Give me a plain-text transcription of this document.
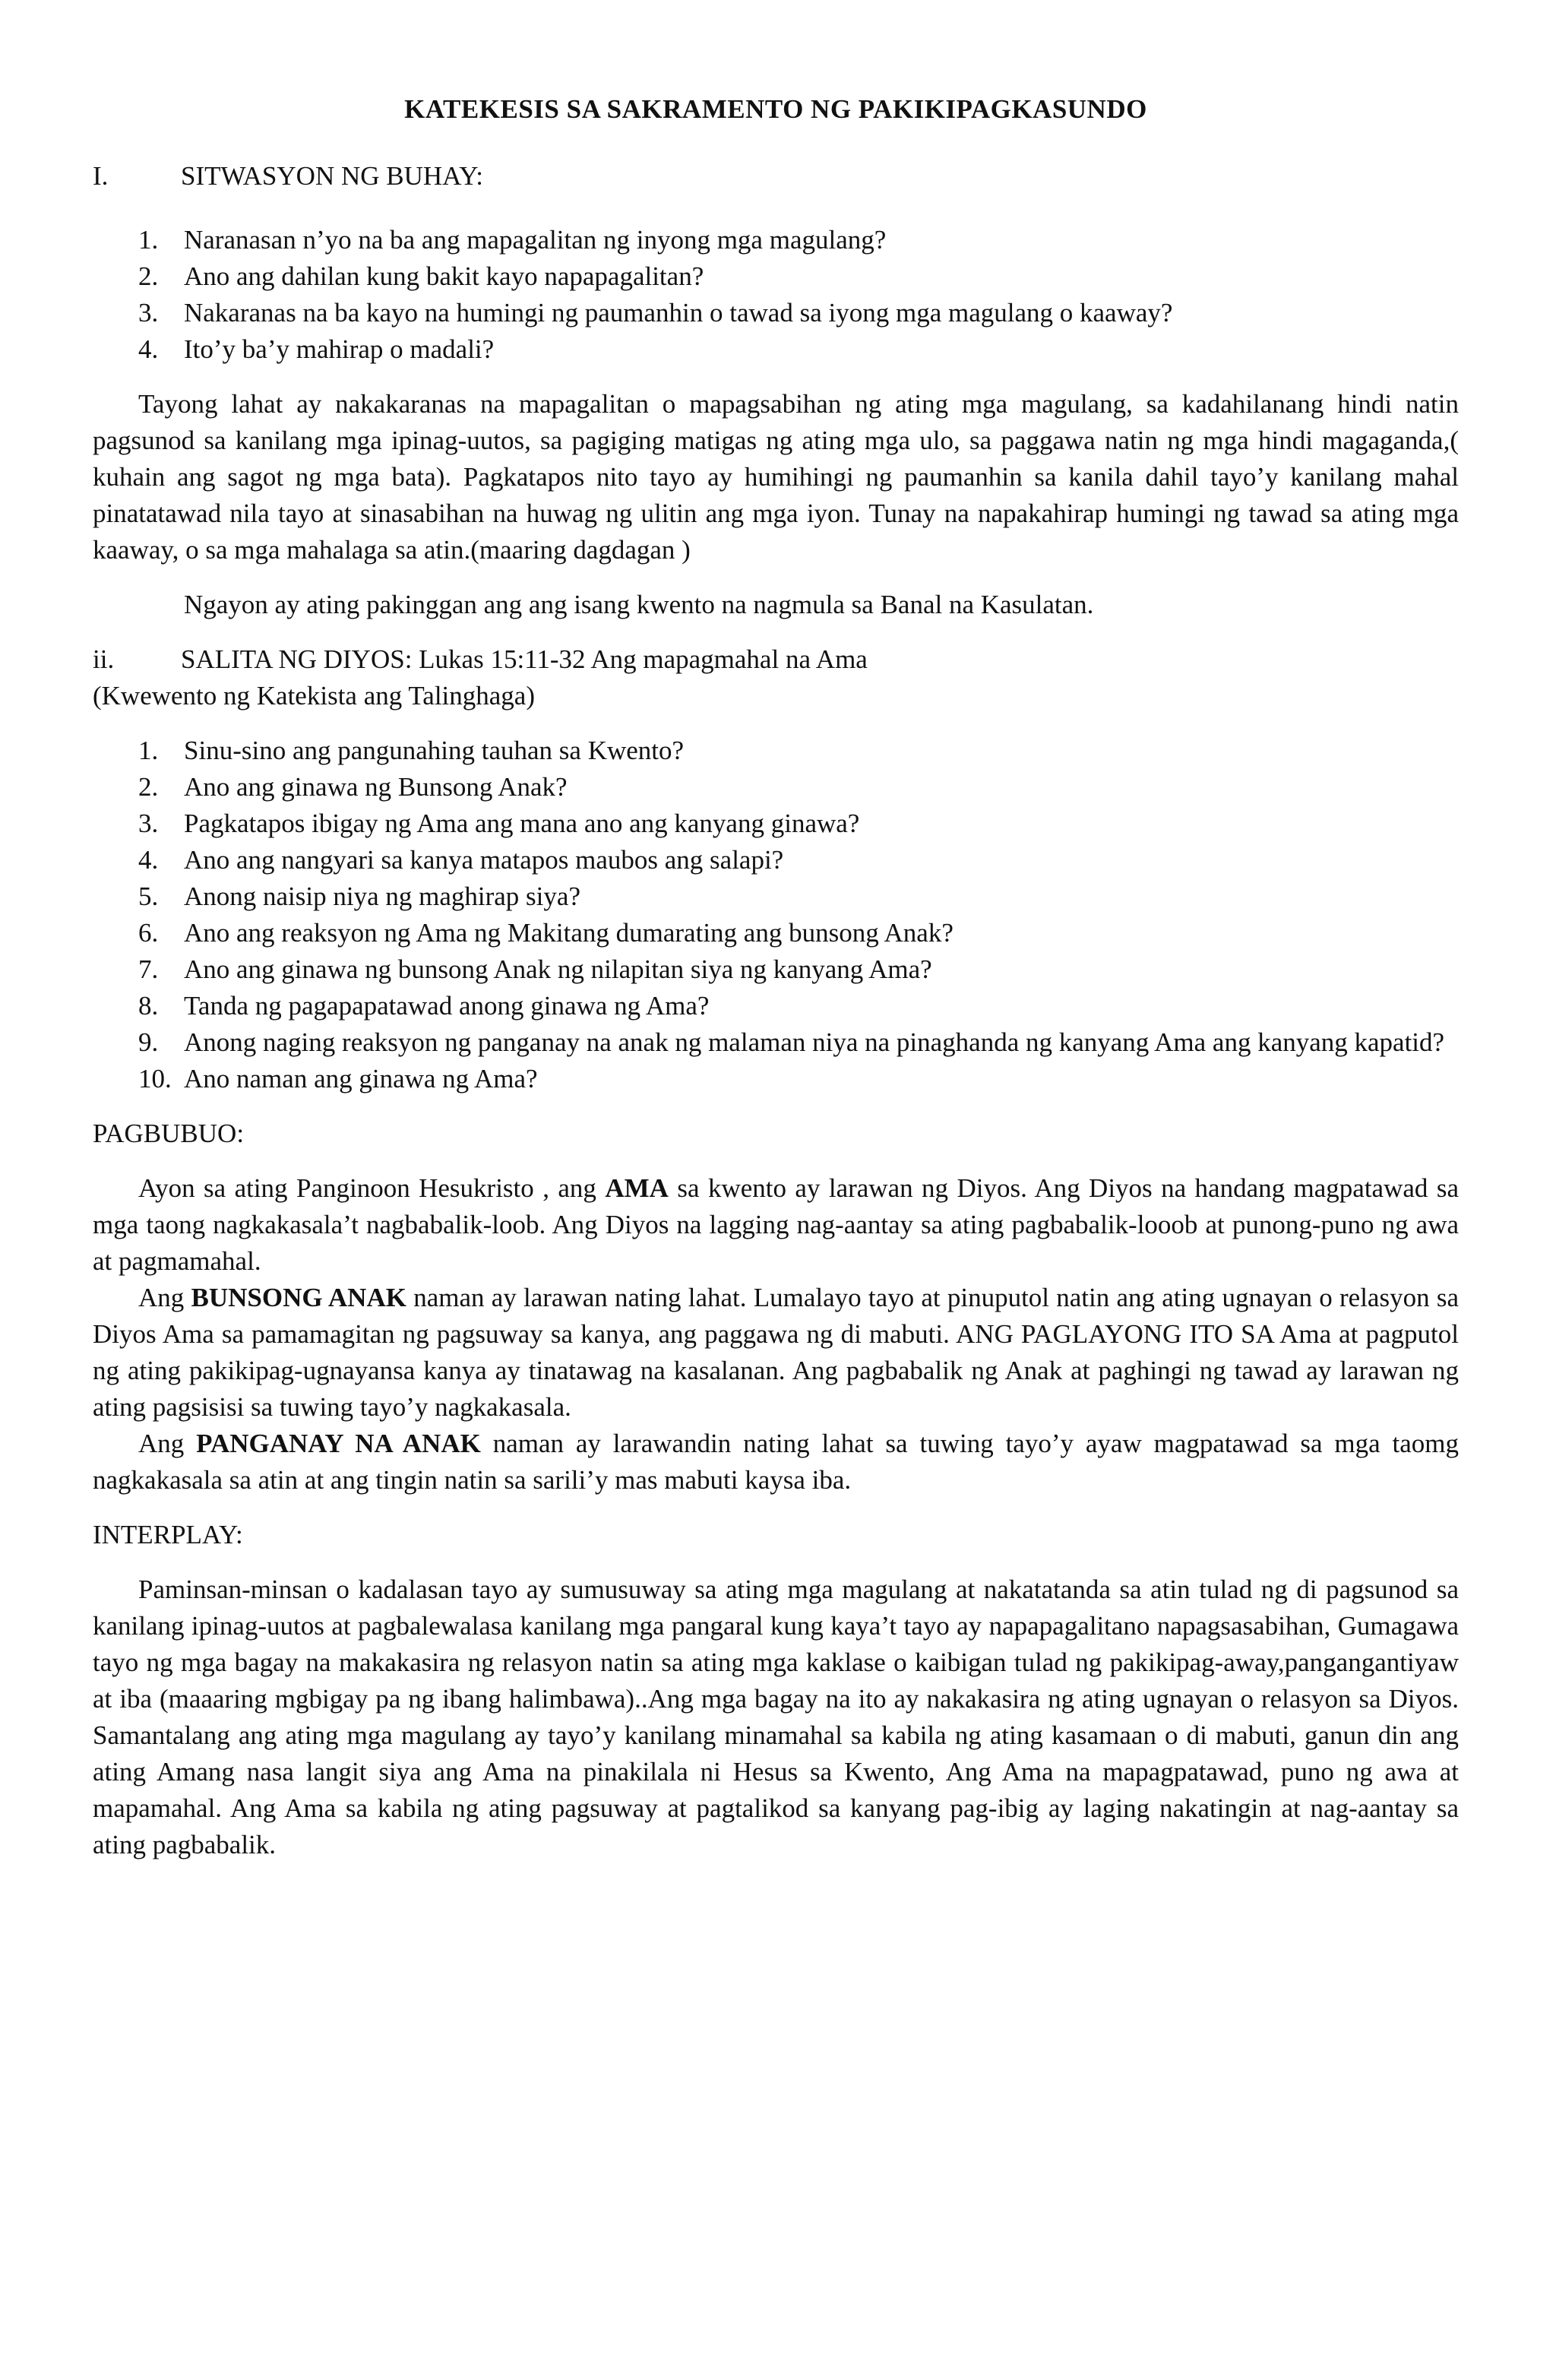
KATEKESIS SA SAKRAMENTO NG PAKIKIPAGKASUNDO
I.	SITWASYON NG BUHAY:
1. Naranasan n’yo na ba ang mapagalitan ng inyong mga magulang?
2. Ano ang dahilan kung bakit kayo napapagalitan?
3. Nakaranas na ba kayo na humingi ng paumanhin o tawad sa iyong mga magulang o kaaway?
4. Ito’y ba’y mahirap o madali?

Tayong lahat ay nakakaranas na mapagalitan o mapagsabihan ng ating mga magulang, sa kadahilanang hindi natin pagsunod sa kanilang mga ipinag-uutos, sa pagiging matigas ng ating mga ulo, sa paggawa natin ng mga hindi magaganda,( kuhain ang sagot ng mga bata). Pagkatapos nito tayo ay humihingi ng paumanhin sa kanila dahil tayo’y kanilang mahal pinatatawad nila tayo at sinasabihan na huwag ng ulitin ang mga iyon. Tunay na napakahirap humingi ng tawad sa ating mga kaaway, o sa mga mahalaga sa atin.(maaring dagdagan )

Ngayon ay ating pakinggan ang ang isang kwento na nagmula sa Banal na Kasulatan.

ii.	SALITA NG DIYOS: Lukas 15:11-32 Ang mapagmahal na Ama

(Kwewento ng Katekista ang Talinghaga)

1. Sinu-sino ang pangunahing tauhan sa Kwento?
2. Ano ang ginawa ng Bunsong Anak?
3. Pagkatapos ibigay ng Ama ang mana ano ang kanyang ginawa?
4. Ano ang nangyari sa kanya matapos maubos ang salapi?
5. Anong naisip niya ng maghirap siya?
6. Ano ang reaksyon ng Ama ng Makitang dumarating ang bunsong Anak?
7. Ano ang ginawa ng bunsong Anak ng nilapitan siya ng kanyang Ama?
8. Tanda ng pagapapatawad anong ginawa ng Ama?
9. Anong naging reaksyon ng panganay na anak ng malaman niya na pinaghanda ng kanyang Ama ang kanyang kapatid?
10. Ano naman ang ginawa ng Ama?

PAGBUBUO:

Ayon sa ating Panginoon Hesukristo , ang AMA sa kwento ay larawan ng Diyos. Ang Diyos na handang magpatawad sa mga taong nagkakasala’t nagbabalik-loob. Ang Diyos na lagging nag-aantay sa ating pagbabalik-looob at punong-puno ng awa at pagmamahal.

Ang BUNSONG ANAK naman ay larawan nating lahat. Lumalayo tayo at pinuputol natin ang ating ugnayan o relasyon sa Diyos Ama sa pamamagitan ng pagsuway sa kanya, ang paggawa ng di mabuti. ANG PAGLAYONG ITO SA Ama at pagputol ng ating pakikipag-ugnayansa kanya ay tinatawag na kasalanan. Ang pagbabalik ng Anak at paghingi ng tawad ay larawan ng ating pagsisisi sa tuwing tayo’y nagkakasala.

Ang PANGANAY NA ANAK naman ay larawandin nating lahat sa tuwing tayo’y ayaw magpatawad sa mga taomg nagkakasala sa atin at ang tingin natin sa sarili’y mas mabuti kaysa iba.

INTERPLAY:

Paminsan-minsan o kadalasan tayo ay sumusuway sa ating mga magulang at nakatatanda sa atin tulad ng di pagsunod sa kanilang ipinag-uutos at pagbalewalasa kanilang mga pangaral kung kaya’t tayo ay napapagalitano napagsasabihan, Gumagawa tayo ng mga bagay na makakasira ng relasyon natin sa ating mga kaklase o kaibigan tulad ng pakikipag-away,pangangantiyaw at iba (maaaring mgbigay pa ng ibang halimbawa)..Ang mga bagay na ito ay nakakasira ng ating ugnayan o relasyon sa Diyos. Samantalang ang ating mga magulang ay tayo’y kanilang minamahal sa kabila ng ating kasamaan o di mabuti, ganun din ang ating Amang nasa langit siya ang Ama na pinakilala ni Hesus sa Kwento, Ang Ama na mapagpatawad, puno ng awa at mapamahal. Ang Ama sa kabila ng ating pagsuway at pagtalikod sa kanyang pag-ibig ay laging nakatingin at nag-aantay sa ating pagbabalik.
